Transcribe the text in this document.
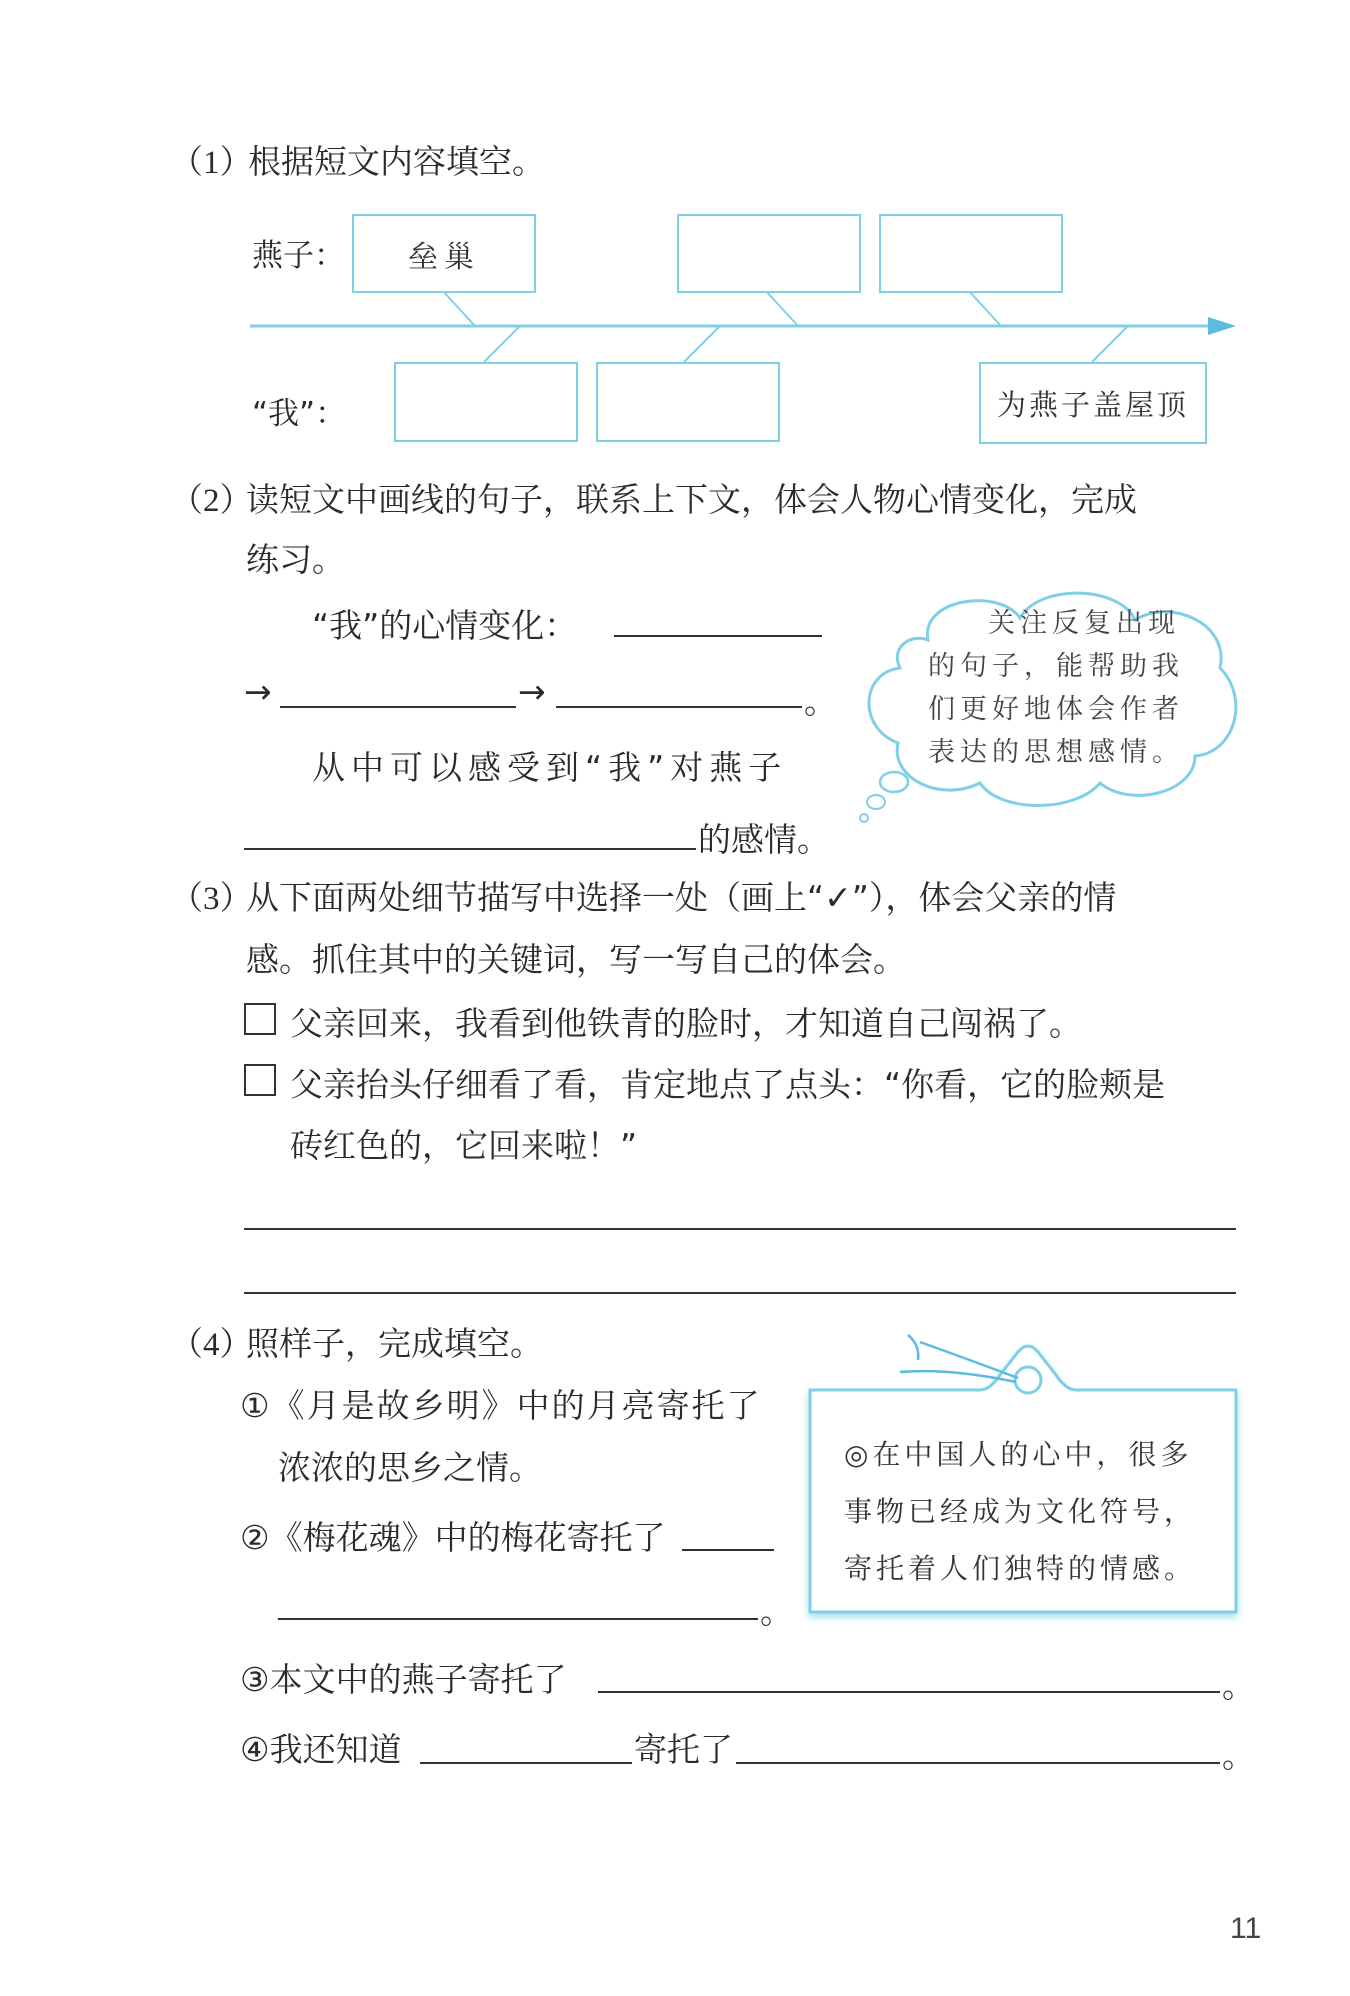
（1）
根据短文内容填空。
燕子：
“我”：
垒巢
为燕子盖屋顶
（2）
读短文中画线的句子，联系上下文，体会人物心情变化，完成
练习。
“我”的心情变化：
→	→	。
从中可以感受到“我”对燕子
的感情。
关注反复出现
的句子，能帮助我
们更好地体会作者
表达的思想感情。
（3）
从下面两处细节描写中选择一处（画上“✓”），体会父亲的情
感。抓住其中的关键词，写一写自己的体会。
父亲回来，我看到他铁青的脸时，才知道自己闯祸了。
父亲抬头仔细看了看，肯定地点了点头：“你看，它的脸颊是
砖红色的，它回来啦！”
（4）
照样子，完成填空。
①《月是故乡明》中的月亮寄托了
浓浓的思乡之情。
②《梅花魂》中的梅花寄托了
。
◎在中国人的心中，很多
事物已经成为文化符号，
寄托着人们独特的情感。
③本文中的燕子寄托了	。
④我还知道	寄托了	。
11
